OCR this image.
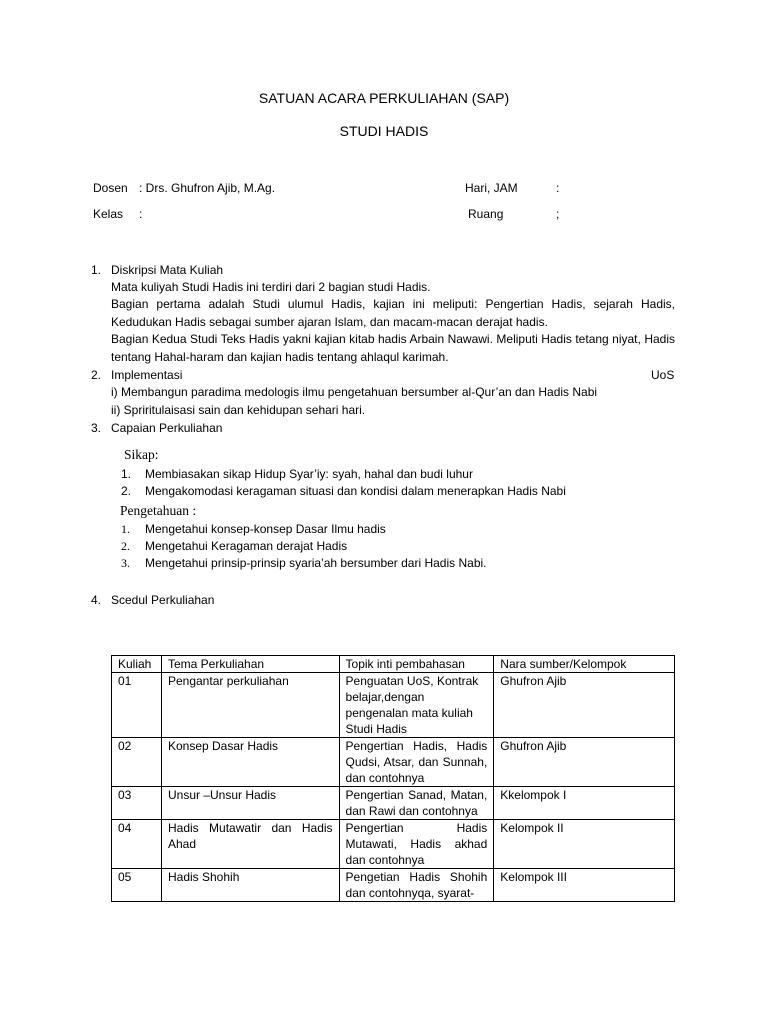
SATUAN ACARA PERKULIAHAN (SAP)
STUDI HADIS
Dosen : Drs. Ghufron Ajib, M.Ag.	Hari, JAM	:
Kelas :	Ruang	;
1. Diskripsi Mata Kuliah
Mata kuliyah Studi Hadis ini terdiri dari 2 bagian studi Hadis.
Bagian pertama adalah Studi ulumul Hadis, kajian ini meliputi: Pengertian Hadis, sejarah Hadis, Kedudukan Hadis sebagai sumber ajaran Islam, dan macam-macan derajat hadis.
Bagian Kedua Studi Teks Hadis yakni kajian kitab hadis Arbain Nawawi. Meliputi Hadis tetang niyat, Hadis tentang Hahal-haram dan kajian hadis tentang ahlaqul karimah.
2. Implementasi	UoS
i) Membangun paradima medologis ilmu pengetahuan bersumber al-Qur’an dan Hadis Nabi
ii) Spriritulaisasi sain dan kehidupan sehari hari.
3. Capaian Perkuliahan
Sikap:
1. Membiasakan sikap Hidup Syar’iy: syah, hahal dan budi luhur
2. Mengakomodasi keragaman situasi dan kondisi dalam menerapkan Hadis Nabi
Pengetahuan :
1. Mengetahui konsep-konsep Dasar Ilmu hadis
2. Mengetahui Keragaman derajat Hadis
3. Mengetahui prinsip-prinsip syaria’ah bersumber dari Hadis Nabi.
4. Scedul Perkuliahan
Kuliah	Tema Perkuliahan	Topik inti pembahasan	Nara sumber/Kelompok
01	Pengantar perkuliahan	Penguatan UoS, Kontrak belajar,dengan pengenalan mata kuliah Studi Hadis	Ghufron Ajib
02	Konsep Dasar Hadis	Pengertian Hadis, Hadis Qudsi, Atsar, dan Sunnah, dan contohnya	Ghufron Ajib
03	Unsur –Unsur Hadis	Pengertian Sanad, Matan, dan Rawi dan contohnya	Kkelompok I
04	Hadis Mutawatir dan Hadis Ahad	Pengertian Hadis Mutawati, Hadis akhad dan contohnya	Kelompok II
05	Hadis Shohih	Pengetian Hadis Shohih dan contohnyqa, syarat-	Kelompok III
